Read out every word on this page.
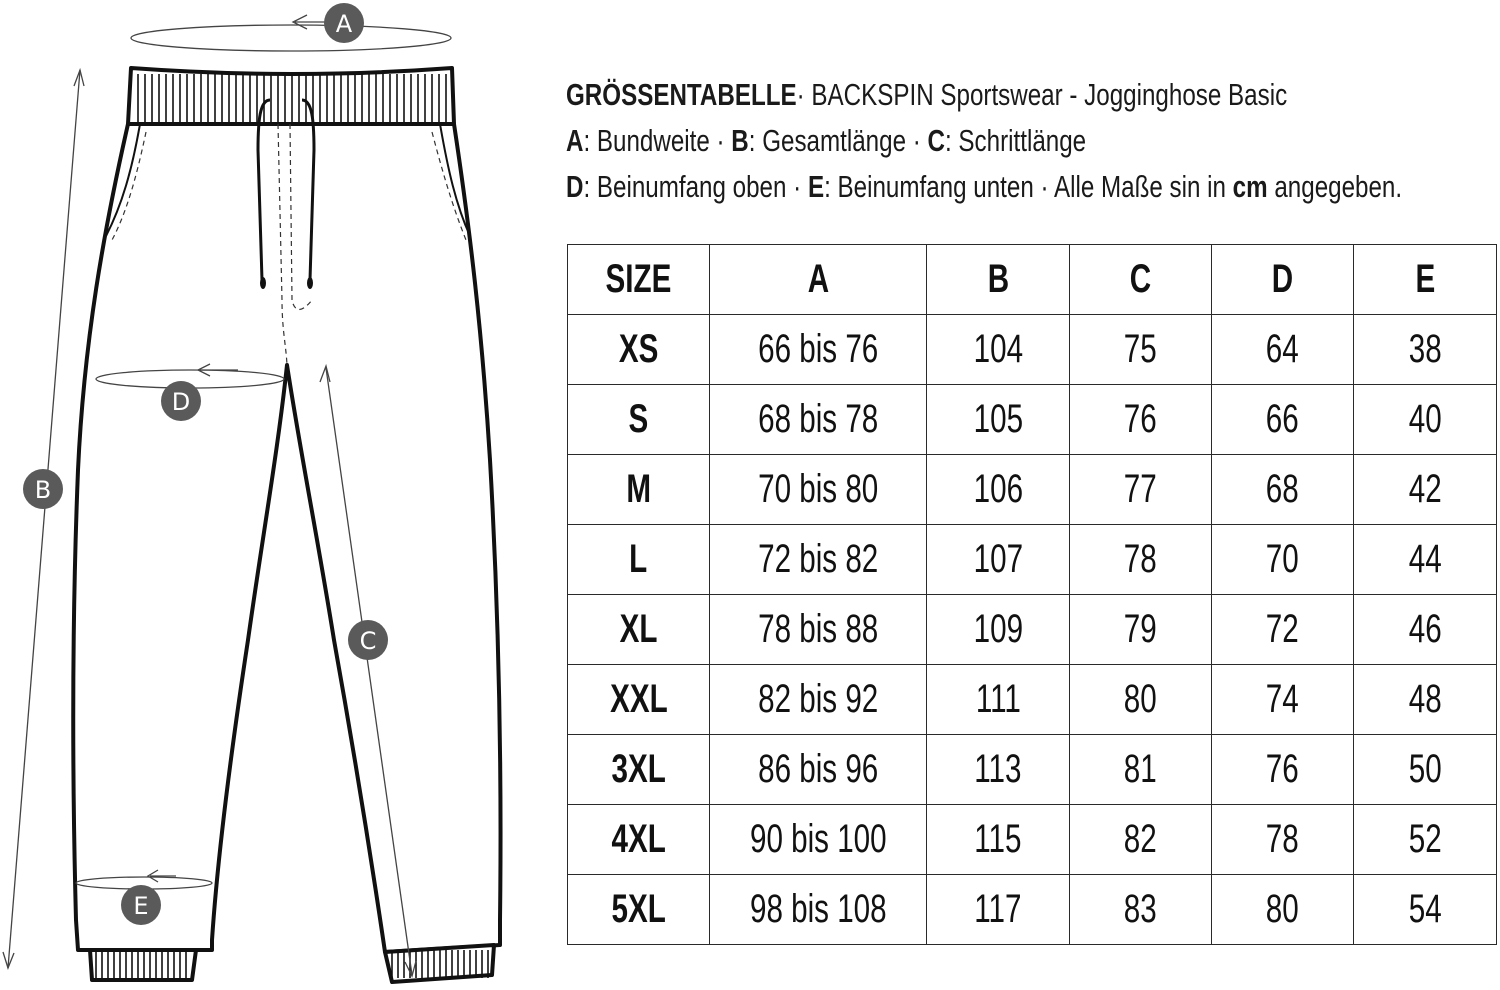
A
B
C
D
E
GRÖSSENTABELLE· BACKSPIN Sportswear - Jogginghose Basic
A: Bundweite · B: Gesamtlänge · C: Schrittlänge
D: Beinumfang oben · E: Beinumfang unten · Alle Maße sin in cm angegeben.
SIZE	A	B	C	D	E
XS	66 bis 76	104	75	64	38
S	68 bis 78	105	76	66	40
M	70 bis 80	106	77	68	42
L	72 bis 82	107	78	70	44
XL	78 bis 88	109	79	72	46
XXL	82 bis 92	111	80	74	48
3XL	86 bis 96	113	81	76	50
4XL	90 bis 100	115	82	78	52
5XL	98 bis 108	117	83	80	54
